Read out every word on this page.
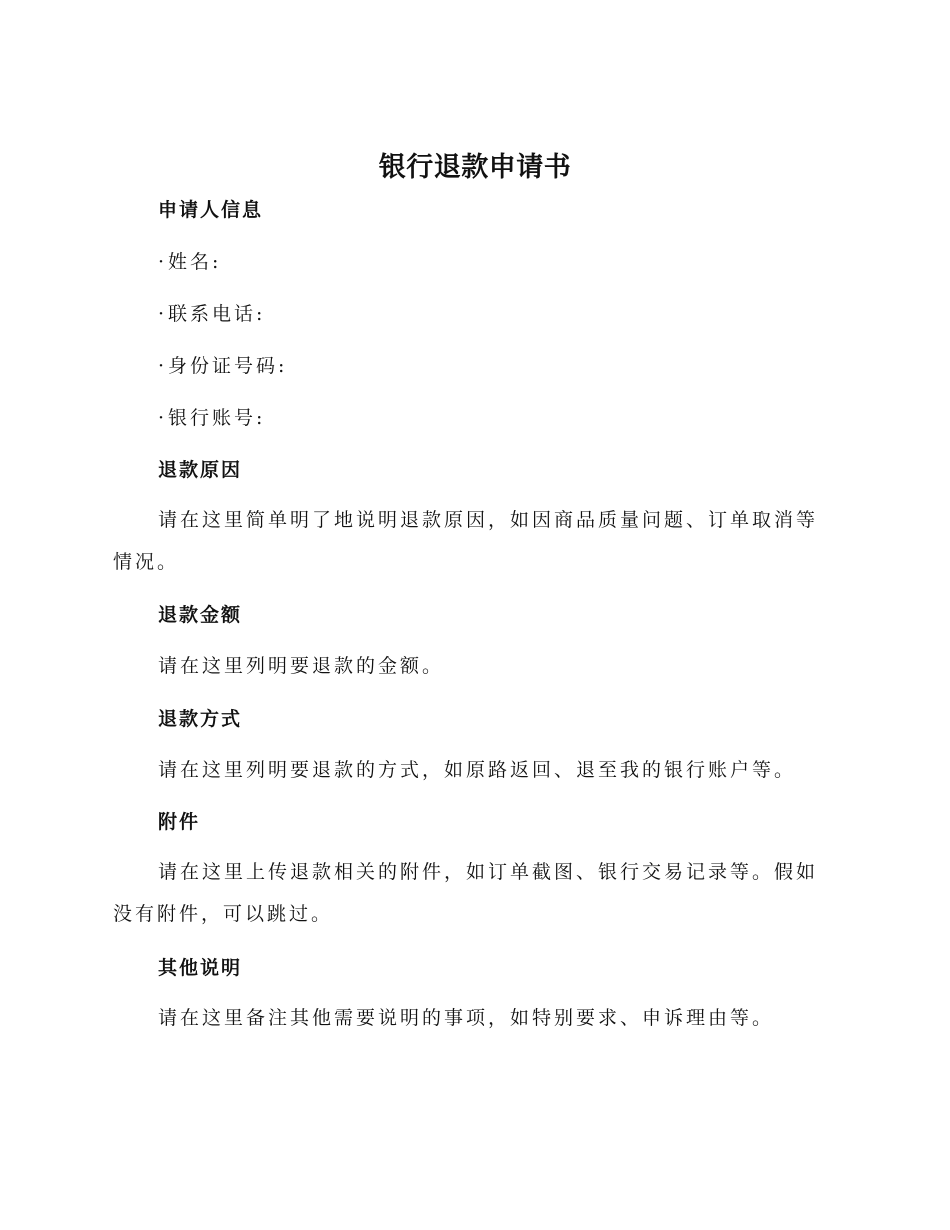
银行退款申请书
申请人信息
·姓名:
·联系电话:
·身份证号码:
·银行账号:
退款原因
请在这里简单明了地说明退款原因，如因商品质量问题、订单取消等情况。
退款金额
请在这里列明要退款的金额。
退款方式
请在这里列明要退款的方式，如原路返回、退至我的银行账户等。
附件
请在这里上传退款相关的附件，如订单截图、银行交易记录等。假如没有附件，可以跳过。
其他说明
请在这里备注其他需要说明的事项，如特别要求、申诉理由等。
